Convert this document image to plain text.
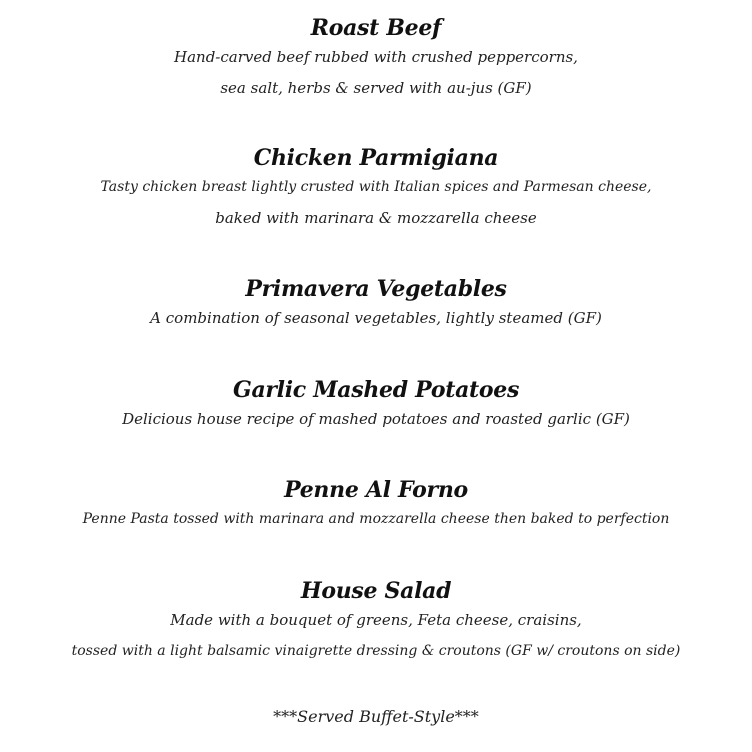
Roast Beef
Hand-carved beef rubbed with crushed peppercorns,
sea salt, herbs & served with au-jus (GF)
Chicken Parmigiana
Tasty chicken breast lightly crusted with Italian spices and Parmesan cheese,
baked with marinara & mozzarella cheese
Primavera Vegetables
A combination of seasonal vegetables, lightly steamed (GF)
Garlic Mashed Potatoes
Delicious house recipe of mashed potatoes and roasted garlic (GF)
Penne Al Forno
Penne Pasta tossed with marinara and mozzarella cheese then baked to perfection
House Salad
Made with a bouquet of greens, Feta cheese, craisins,
tossed with a light balsamic vinaigrette dressing & croutons (GF w/ croutons on side)
***Served Buffet-Style***
